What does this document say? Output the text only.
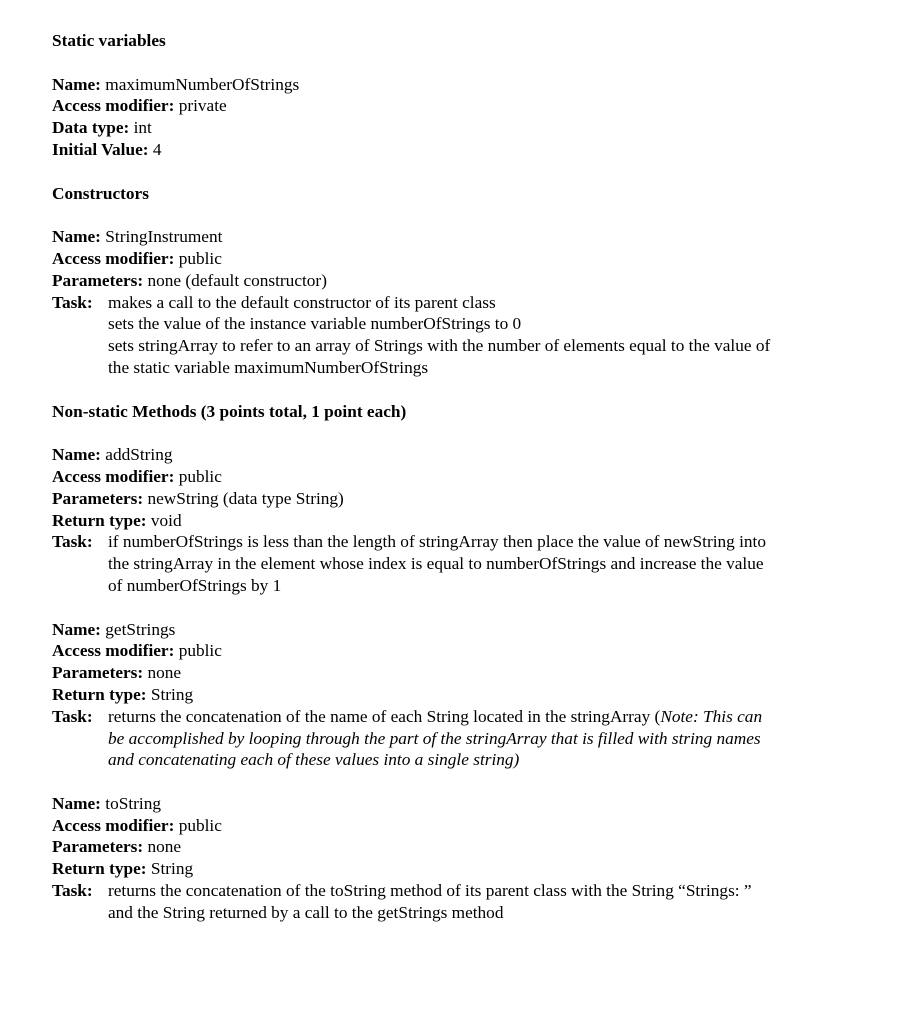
Static variables
Name: maximumNumberOfStrings
Access modifier: private
Data type: int
Initial Value: 4
Constructors
Name: StringInstrument
Access modifier: public
Parameters: none (default constructor)
Task: makes a call to the default constructor of its parent class
sets the value of the instance variable numberOfStrings to 0
sets stringArray to refer to an array of Strings with the number of elements equal to the value of
the static variable maximumNumberOfStrings
Non-static Methods (3 points total, 1 point each)
Name: addString
Access modifier: public
Parameters: newString (data type String)
Return type: void
Task: if numberOfStrings is less than the length of stringArray then place the value of newString into
the stringArray in the element whose index is equal to numberOfStrings and increase the value
of numberOfStrings by 1
Name: getStrings
Access modifier: public
Parameters: none
Return type: String
Task: returns the concatenation of the name of each String located in the stringArray (Note: This can
be accomplished by looping through the part of the stringArray that is filled with string names
and concatenating each of these values into a single string)
Name: toString
Access modifier: public
Parameters: none
Return type: String
Task: returns the concatenation of the toString method of its parent class with the String “Strings: ”
and the String returned by a call to the getStrings method
